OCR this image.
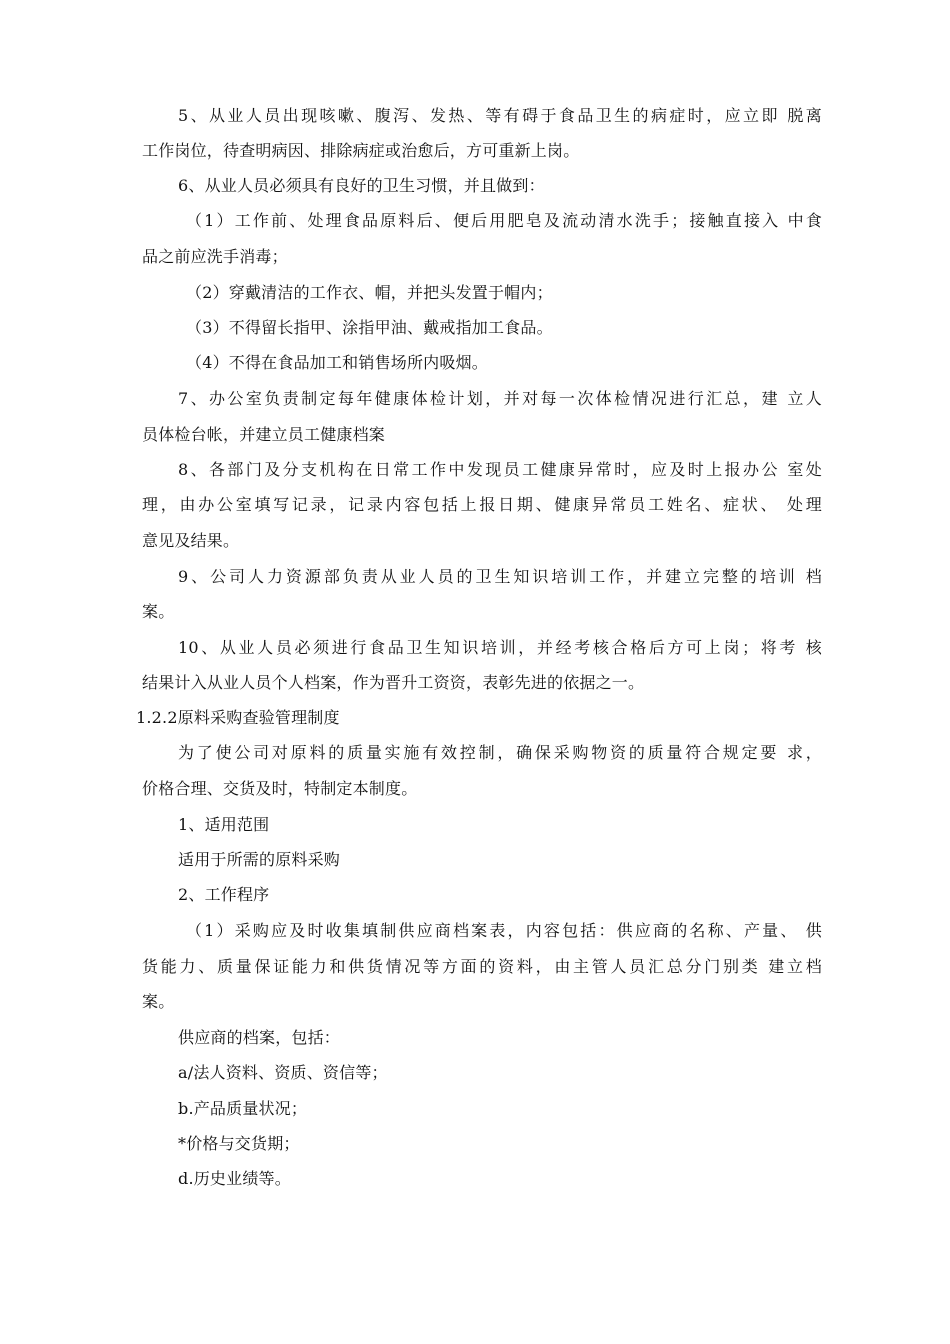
5、从业人员出现咳嗽、腹泻、发热、等有碍于食品卫生的病症时，应立即 脱离
工作岗位，待查明病因、排除病症或治愈后，方可重新上岗。
6、从业人员必须具有良好的卫生习惯，并且做到：
（1）工作前、处理食品原料后、便后用肥皂及流动清水洗手；接触直接入 中食
品之前应洗手消毒；
（2）穿戴清洁的工作衣、帽，并把头发置于帽内；
（3）不得留长指甲、涂指甲油、戴戒指加工食品。
（4）不得在食品加工和销售场所内吸烟。
7、办公室负责制定每年健康体检计划，并对每一次体检情况进行汇总，建 立人
员体检台帐，并建立员工健康档案
8、各部门及分支机构在日常工作中发现员工健康异常时，应及时上报办公 室处
理，由办公室填写记录，记录内容包括上报日期、健康异常员工姓名、症状、 处理
意见及结果。
9、公司人力资源部负责从业人员的卫生知识培训工作，并建立完整的培训 档
案。
10、从业人员必须进行食品卫生知识培训，并经考核合格后方可上岗；将考 核
结果计入从业人员个人档案，作为晋升工资资，表彰先进的依据之一。
1.2.2原料采购查验管理制度
为了使公司对原料的质量实施有效控制，确保采购物资的质量符合规定要 求，
价格合理、交货及时，特制定本制度。
1、适用范围
适用于所需的原料采购
2、工作程序
（1）采购应及时收集填制供应商档案表，内容包括：供应商的名称、产量、 供
货能力、质量保证能力和供货情况等方面的资料，由主管人员汇总分门别类 建立档
案。
供应商的档案，包括：
a/法人资料、资质、资信等；
b.产品质量状况；
*价格与交货期；
d.历史业绩等。
